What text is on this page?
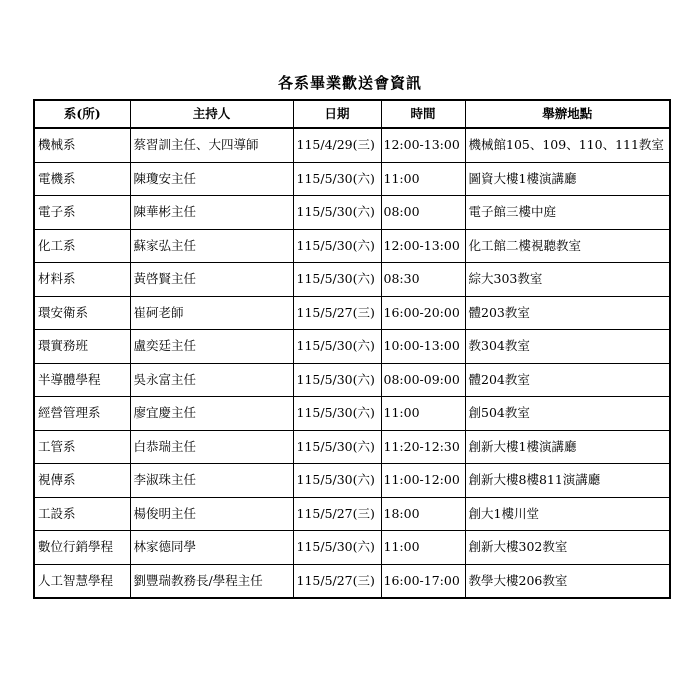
各系畢業歡送會資訊
系(所)	主持人	日期	時間	舉辦地點
機械系	蔡習訓主任、大四導師	115/4/29(三)	12:00-13:00	機械館105、109、110、111教室
電機系	陳瓊安主任	115/5/30(六)	11:00	圖資大樓1樓演講廳
電子系	陳華彬主任	115/5/30(六)	08:00	電子館三樓中庭
化工系	蘇家弘主任	115/5/30(六)	12:00-13:00	化工館二樓視聽教室
材料系	黃啓賢主任	115/5/30(六)	08:30	綜大303教室
環安衛系	崔砢老師	115/5/27(三)	16:00-20:00	體203教室
環實務班	盧奕廷主任	115/5/30(六)	10:00-13:00	教304教室
半導體學程	吳永富主任	115/5/30(六)	08:00-09:00	體204教室
經營管理系	廖宜慶主任	115/5/30(六)	11:00	創504教室
工管系	白恭瑞主任	115/5/30(六)	11:20-12:30	創新大樓1樓演講廳
視傳系	李淑珠主任	115/5/30(六)	11:00-12:00	創新大樓8樓811演講廳
工設系	楊俊明主任	115/5/27(三)	18:00	創大1樓川堂
數位行銷學程	林家德同學	115/5/30(六)	11:00	創新大樓302教室
人工智慧學程	劉豐瑞教務長/學程主任	115/5/27(三)	16:00-17:00	教學大樓206教室
